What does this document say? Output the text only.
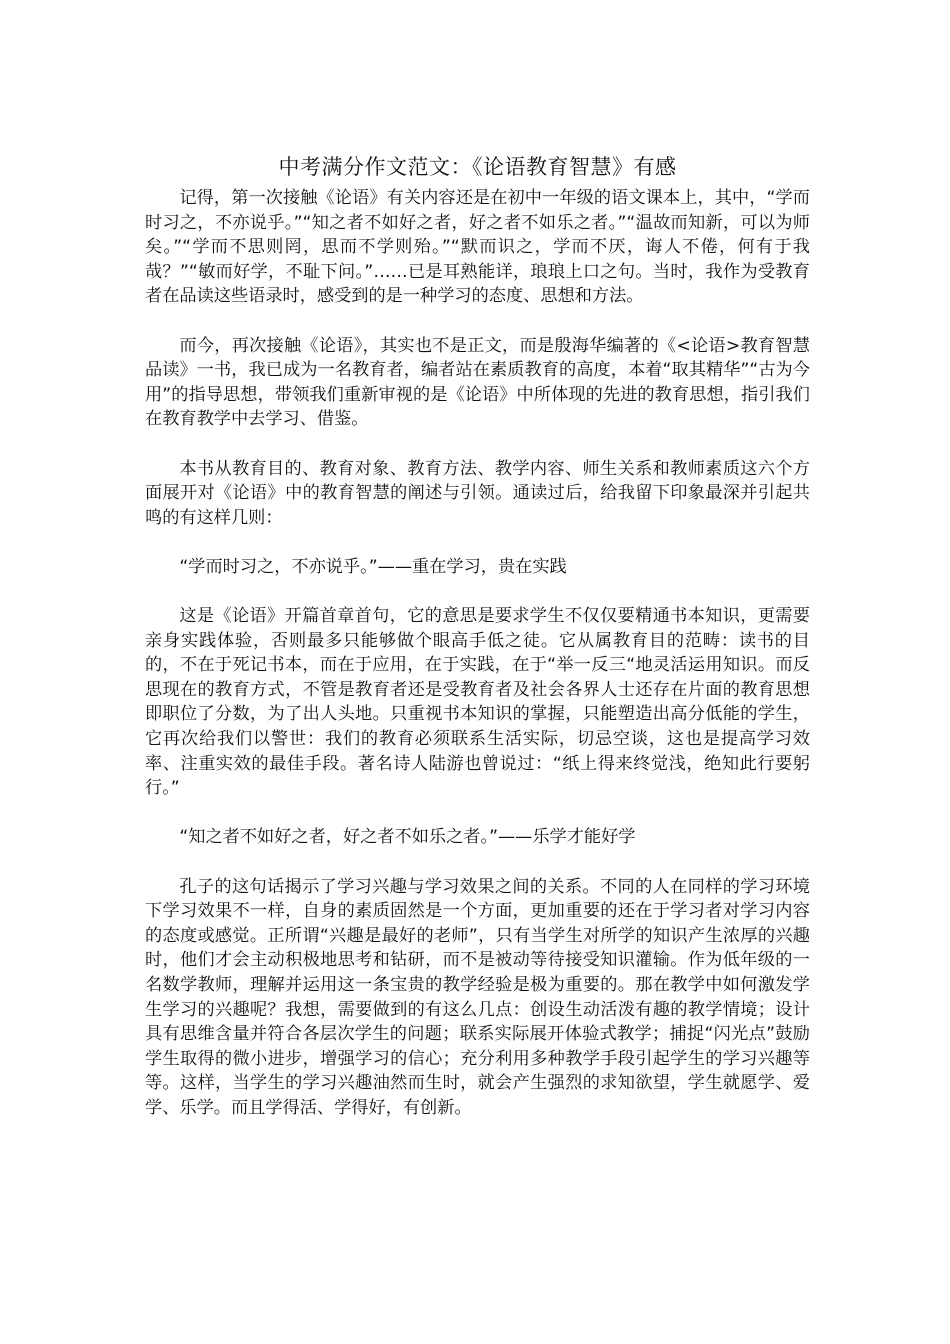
中考满分作文范文：《论语教育智慧》有感

记得，第一次接触《论语》有关内容还是在初中一年级的语文课本上，其中，“学而时习之，不亦说乎。”“知之者不如好之者，好之者不如乐之者。”“温故而知新，可以为师矣。”“学而不思则罔，思而不学则殆。”“默而识之，学而不厌，诲人不倦，何有于我哉？”“敏而好学，不耻下问。”……已是耳熟能详，琅琅上口之句。当时，我作为受教育者在品读这些语录时，感受到的是一种学习的态度、思想和方法。

而今，再次接触《论语》，其实也不是正文，而是殷海华编著的《<论语>教育智慧品读》一书，我已成为一名教育者，编者站在素质教育的高度，本着“取其精华”“古为今用”的指导思想，带领我们重新审视的是《论语》中所体现的先进的教育思想，指引我们在教育教学中去学习、借鉴。

本书从教育目的、教育对象、教育方法、教学内容、师生关系和教师素质这六个方面展开对《论语》中的教育智慧的阐述与引领。通读过后，给我留下印象最深并引起共鸣的有这样几则：

“学而时习之，不亦说乎。”——重在学习，贵在实践

这是《论语》开篇首章首句，它的意思是要求学生不仅仅要精通书本知识，更需要亲身实践体验，否则最多只能够做个眼高手低之徒。它从属教育目的范畴：读书的目的，不在于死记书本，而在于应用，在于实践，在于“举一反三“地灵活运用知识。而反思现在的教育方式，不管是教育者还是受教育者及社会各界人士还存在片面的教育思想即职位了分数，为了出人头地。只重视书本知识的掌握，只能塑造出高分低能的学生，它再次给我们以警世：我们的教育必须联系生活实际，切忌空谈，这也是提高学习效率、注重实效的最佳手段。著名诗人陆游也曾说过：“纸上得来终觉浅，绝知此行要躬行。”

“知之者不如好之者，好之者不如乐之者。”——乐学才能好学

孔子的这句话揭示了学习兴趣与学习效果之间的关系。不同的人在同样的学习环境下学习效果不一样，自身的素质固然是一个方面，更加重要的还在于学习者对学习内容的态度或感觉。正所谓“兴趣是最好的老师”，只有当学生对所学的知识产生浓厚的兴趣时，他们才会主动积极地思考和钻研，而不是被动等待接受知识灌输。作为低年级的一名数学教师，理解并运用这一条宝贵的教学经验是极为重要的。那在教学中如何激发学生学习的兴趣呢？我想，需要做到的有这么几点：创设生动活泼有趣的教学情境；设计具有思维含量并符合各层次学生的问题；联系实际展开体验式教学；捕捉“闪光点”鼓励学生取得的微小进步，增强学习的信心；充分利用多种教学手段引起学生的学习兴趣等等。这样，当学生的学习兴趣油然而生时，就会产生强烈的求知欲望，学生就愿学、爱学、乐学。而且学得活、学得好，有创新。
